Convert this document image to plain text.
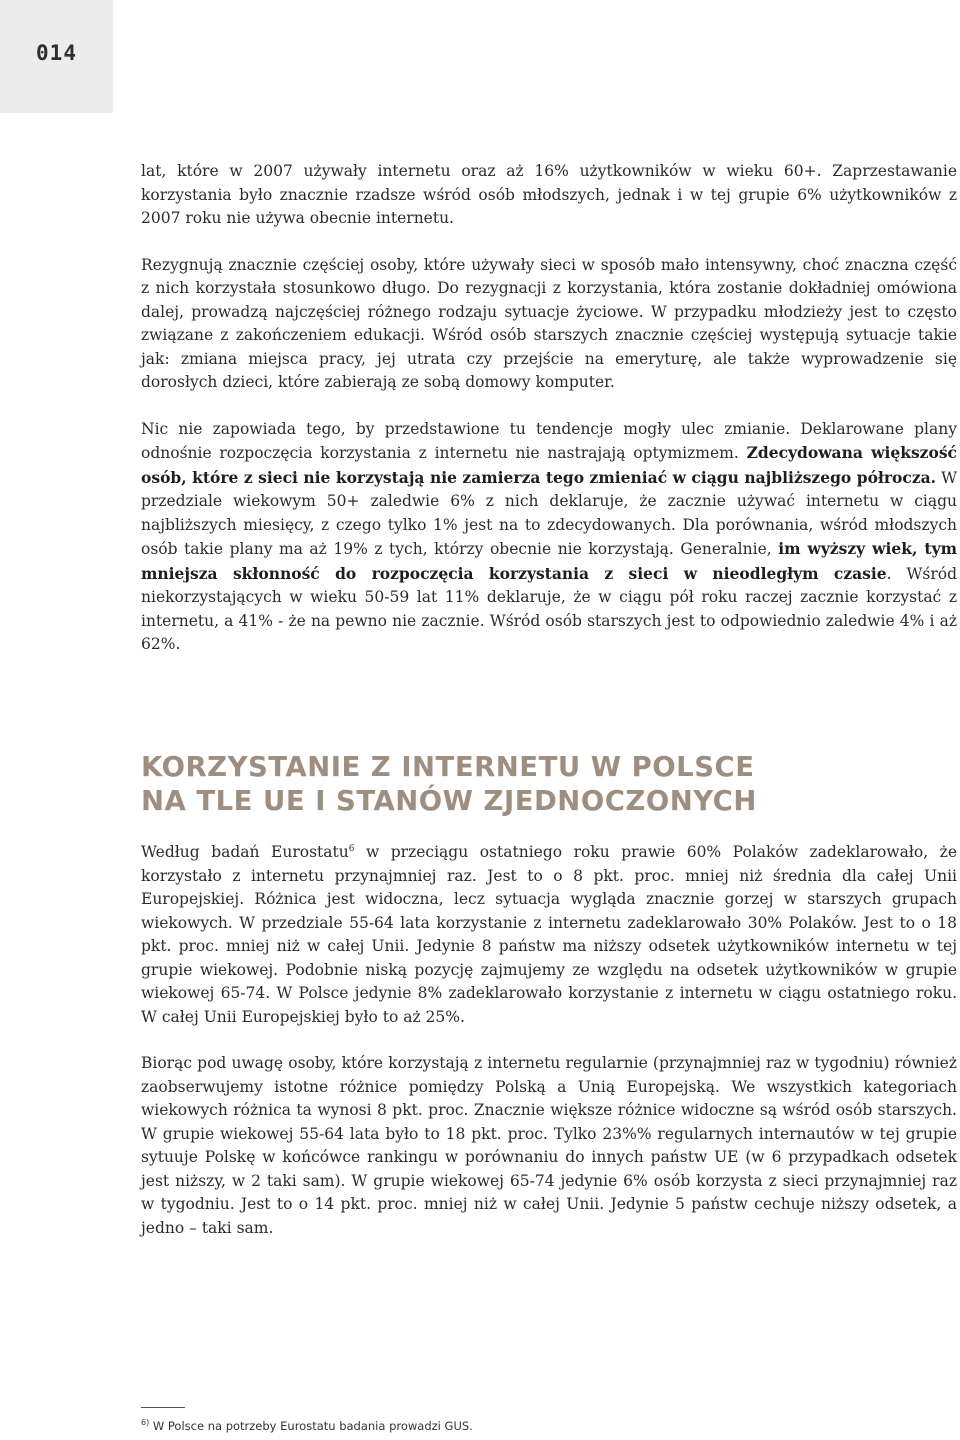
014

lat, które w 2007 używały internetu oraz aż 16% użytkowników w wieku 60+. Zaprzestawanie korzystania było znacznie rzadsze wśród osób młodszych, jednak i w tej grupie 6% użytkowników z 2007 roku nie używa obecnie internetu.

Rezygnują znacznie częściej osoby, które używały sieci w sposób mało intensywny, choć znaczna część z nich korzystała stosunkowo długo. Do rezygnacji z korzystania, która zostanie dokładniej omówiona dalej, prowadzą najczęściej różnego rodzaju sytuacje życiowe. W przypadku młodzieży jest to często związane z zakończeniem edukacji. Wśród osób starszych znacznie częściej występują sytuacje takie jak: zmiana miejsca pracy, jej utrata czy przejście na emeryturę, ale także wyprowadzenie się dorosłych dzieci, które zabierają ze sobą domowy komputer.

Nic nie zapowiada tego, by przedstawione tu tendencje mogły ulec zmianie. Deklarowane plany odnośnie rozpoczęcia korzystania z internetu nie nastrajają optymizmem. Zdecydowana większość osób, które z sieci nie korzystają nie zamierza tego zmieniać w ciągu najbliższego półrocza. W przedziale wiekowym 50+ zaledwie 6% z nich deklaruje, że zacznie używać internetu w ciągu najbliższych miesięcy, z czego tylko 1% jest na to zdecydowanych. Dla porównania, wśród młodszych osób takie plany ma aż 19% z tych, którzy obecnie nie korzystają. Generalnie, im wyższy wiek, tym mniejsza skłonność do rozpoczęcia korzystania z sieci w nieodległym czasie. Wśród niekorzystających w wieku 50-59 lat 11% deklaruje, że w ciągu pół roku raczej zacznie korzystać z internetu, a 41% - że na pewno nie zacznie. Wśród osób starszych jest to odpowiednio zaledwie 4% i aż 62%.

KORZYSTANIE Z INTERNETU W POLSCE
NA TLE UE I STANÓW ZJEDNOCZONYCH

Według badań Eurostatu$^6$ w przeciągu ostatniego roku prawie 60% Polaków zadeklarowało, że korzystało z internetu przynajmniej raz. Jest to o 8 pkt. proc. mniej niż średnia dla całej Unii Europejskiej. Różnica jest widoczna, lecz sytuacja wygląda znacznie gorzej w starszych grupach wiekowych. W przedziale 55-64 lata korzystanie z internetu zadeklarowało 30% Polaków. Jest to o 18 pkt. proc. mniej niż w całej Unii. Jedynie 8 państw ma niższy odsetek użytkowników internetu w tej grupie wiekowej. Podobnie niską pozycję zajmujemy ze względu na odsetek użytkowników w grupie wiekowej 65-74. W Polsce jedynie 8% zadeklarowało korzystanie z internetu w ciągu ostatniego roku. W całej Unii Europejskiej było to aż 25%.

Biorąc pod uwagę osoby, które korzystają z internetu regularnie (przynajmniej raz w tygodniu) również zaobserwujemy istotne różnice pomiędzy Polską a Unią Europejską. We wszystkich kategoriach wiekowych różnica ta wynosi 8 pkt. proc. Znacznie większe różnice widoczne są wśród osób starszych. W grupie wiekowej 55-64 lata było to 18 pkt. proc. Tylko 23%% regularnych internautów w tej grupie sytuuje Polskę w końcówce rankingu w porównaniu do innych państw UE (w 6 przypadkach odsetek jest niższy, w 2 taki sam). W grupie wiekowej 65-74 jedynie 6% osób korzysta z sieci przynajmniej raz w tygodniu. Jest to o 14 pkt. proc. mniej niż w całej Unii. Jedynie 5 państw cechuje niższy odsetek, a jedno – taki sam.

$^{6)}$ W Polsce na potrzeby Eurostatu badania prowadzi GUS.
